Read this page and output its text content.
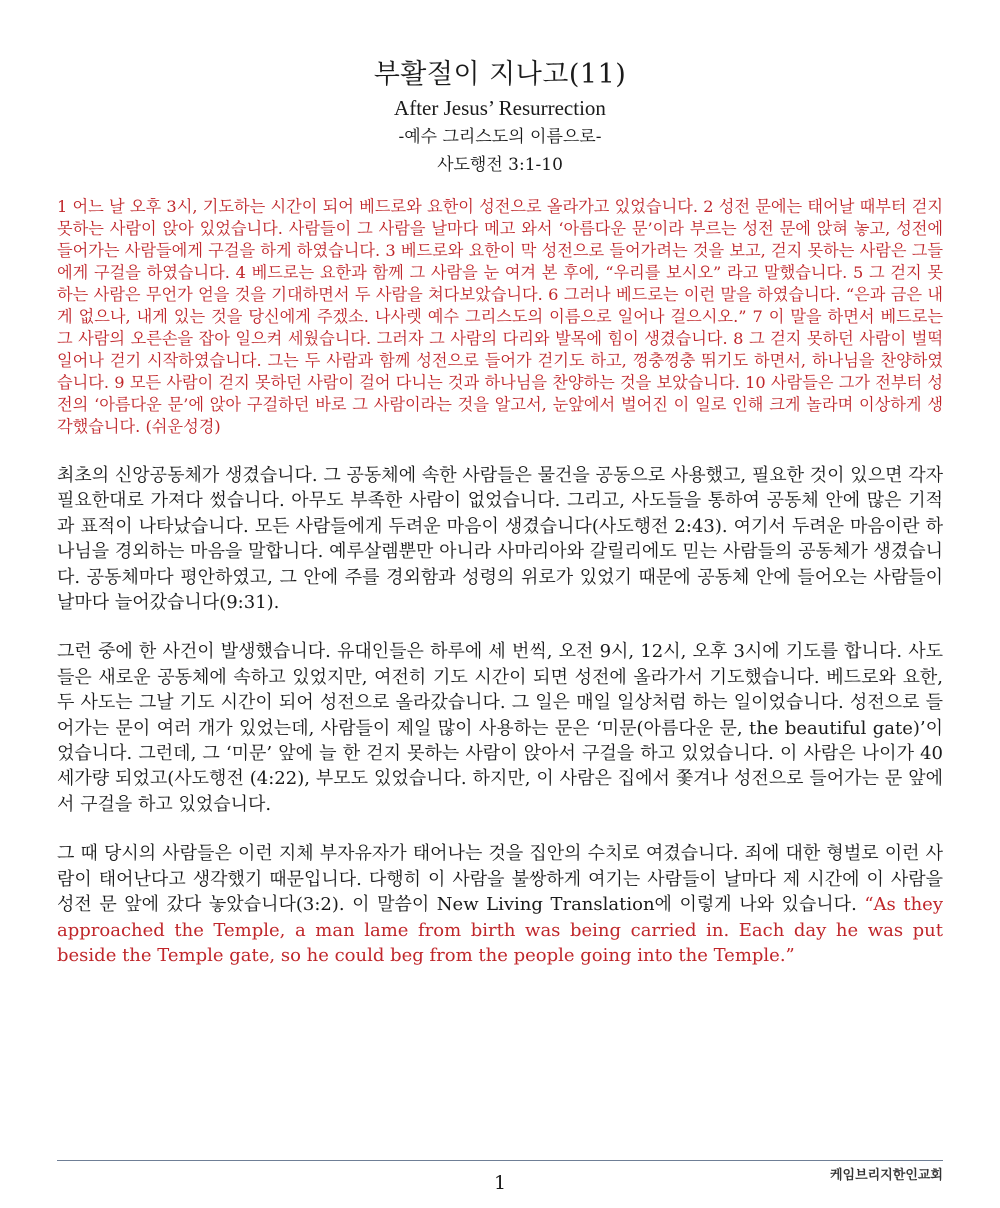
부활절이 지나고(11)
After Jesus’ Resurrection
-예수 그리스도의 이름으로-
사도행전 3:1-10
1 어느 날 오후 3시, 기도하는 시간이 되어 베드로와 요한이 성전으로 올라가고 있었습니다. 2 성전 문에는 태어날 때부터 걷지 못하는 사람이 앉아 있었습니다. 사람들이 그 사람을 날마다 메고 와서 ‘아름다운 문’이라 부르는 성전 문에 앉혀 놓고, 성전에 들어가는 사람들에게 구걸을 하게 하였습니다. 3 베드로와 요한이 막 성전으로 들어가려는 것을 보고, 걷지 못하는 사람은 그들에게 구걸을 하였습니다. 4 베드로는 요한과 함께 그 사람을 눈 여겨 본 후에, “우리를 보시오” 라고 말했습니다. 5 그 걷지 못하는 사람은 무언가 얻을 것을 기대하면서 두 사람을 쳐다보았습니다. 6 그러나 베드로는 이런 말을 하였습니다. “은과 금은 내게 없으나, 내게 있는 것을 당신에게 주겠소. 나사렛 예수 그리스도의 이름으로 일어나 걸으시오.” 7 이 말을 하면서 베드로는 그 사람의 오른손을 잡아 일으켜 세웠습니다. 그러자 그 사람의 다리와 발목에 힘이 생겼습니다. 8 그 걷지 못하던 사람이 벌떡 일어나 걷기 시작하였습니다. 그는 두 사람과 함께 성전으로 들어가 걷기도 하고, 껑충껑충 뛰기도 하면서, 하나님을 찬양하였습니다. 9 모든 사람이 걷지 못하던 사람이 걸어 다니는 것과 하나님을 찬양하는 것을 보았습니다. 10 사람들은 그가 전부터 성전의 ‘아름다운 문’에 앉아 구걸하던 바로 그 사람이라는 것을 알고서, 눈앞에서 벌어진 이 일로 인해 크게 놀라며 이상하게 생각했습니다. (쉬운성경)
최초의 신앙공동체가 생겼습니다. 그 공동체에 속한 사람들은 물건을 공동으로 사용했고, 필요한 것이 있으면 각자 필요한대로 가져다 썼습니다. 아무도 부족한 사람이 없었습니다. 그리고, 사도들을 통하여 공동체 안에 많은 기적과 표적이 나타났습니다. 모든 사람들에게 두려운 마음이 생겼습니다(사도행전 2:43). 여기서 두려운 마음이란 하나님을 경외하는 마음을 말합니다. 예루살렘뿐만 아니라 사마리아와 갈릴리에도 믿는 사람들의 공동체가 생겼습니다. 공동체마다 평안하였고, 그 안에 주를 경외함과 성령의 위로가 있었기 때문에 공동체 안에 들어오는 사람들이 날마다 늘어갔습니다(9:31).
그런 중에 한 사건이 발생했습니다. 유대인들은 하루에 세 번씩, 오전 9시, 12시, 오후 3시에 기도를 합니다. 사도들은 새로운 공동체에 속하고 있었지만, 여전히 기도 시간이 되면 성전에 올라가서 기도했습니다. 베드로와 요한, 두 사도는 그날 기도 시간이 되어 성전으로 올라갔습니다. 그 일은 매일 일상처럼 하는 일이었습니다. 성전으로 들어가는 문이 여러 개가 있었는데, 사람들이 제일 많이 사용하는 문은 ‘미문(아름다운 문, the beautiful gate)’이었습니다. 그런데, 그 ‘미문’ 앞에 늘 한 걷지 못하는 사람이 앉아서 구걸을 하고 있었습니다. 이 사람은 나이가 40세가량 되었고(사도행전 (4:22), 부모도 있었습니다. 하지만, 이 사람은 집에서 쫓겨나 성전으로 들어가는 문 앞에서 구걸을 하고 있었습니다.
그 때 당시의 사람들은 이런 지체 부자유자가 태어나는 것을 집안의 수치로 여겼습니다. 죄에 대한 형벌로 이런 사람이 태어난다고 생각했기 때문입니다. 다행히 이 사람을 불쌍하게 여기는 사람들이 날마다 제 시간에 이 사람을 성전 문 앞에 갔다 놓았습니다(3:2). 이 말씀이 New Living Translation에 이렇게 나와 있습니다. “As they approached the Temple, a man lame from birth was being carried in. Each day he was put beside the Temple gate, so he could beg from the people going into the Temple.”
1	케임브리지한인교회
